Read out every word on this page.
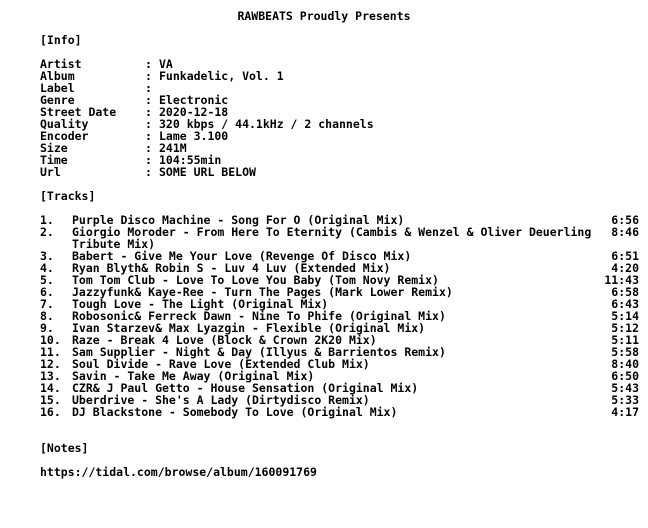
RAWBEATS Proudly Presents
[Info]
Artist	: VA
Album	: Funkadelic, Vol. 1
Label	:
Genre	: Electronic
Street Date	: 2020-12-18
Quality	: 320 kbps / 44.1kHz / 2 channels
Encoder	: Lame 3.100
Size	: 241M
Time	: 104:55min
Url	: SOME URL BELOW
[Tracks]
1. Purple Disco Machine - Song For O (Original Mix)	6:56
2. Giorgio Moroder - From Here To Eternity (Cambis & Wenzel & Oliver Deuerling Tribute Mix)
8:46
3. Babert - Give Me Your Love (Revenge Of Disco Mix)	6:51
4. Ryan Blyth& Robin S - Luv 4 Luv (Extended Mix)	4:20
5. Tom Tom Club - Love To Love You Baby (Tom Novy Remix)	11:43
6. Jazzyfunk& Kaye-Ree - Turn The Pages (Mark Lower Remix)	6:58
7. Tough Love - The Light (Original Mix)	6:43
8. Robosonic& Ferreck Dawn - Nine To Phife (Original Mix)	5:14
9. Ivan Starzev& Max Lyazgin - Flexible (Original Mix)	5:12
10. Raze - Break 4 Love (Block & Crown 2K20 Mix)	5:11
11. Sam Supplier - Night & Day (Illyus & Barrientos Remix)	5:58
12. Soul Divide - Rave Love (Extended Club Mix)	8:40
13. Savin - Take Me Away (Original Mix)	6:50
14. CZR& J Paul Getto - House Sensation (Original Mix)	5:43
15. Uberdrive - She's A Lady (Dirtydisco Remix)	5:33
16. DJ Blackstone - Somebody To Love (Original Mix)	4:17
[Notes]
https://tidal.com/browse/album/160091769
